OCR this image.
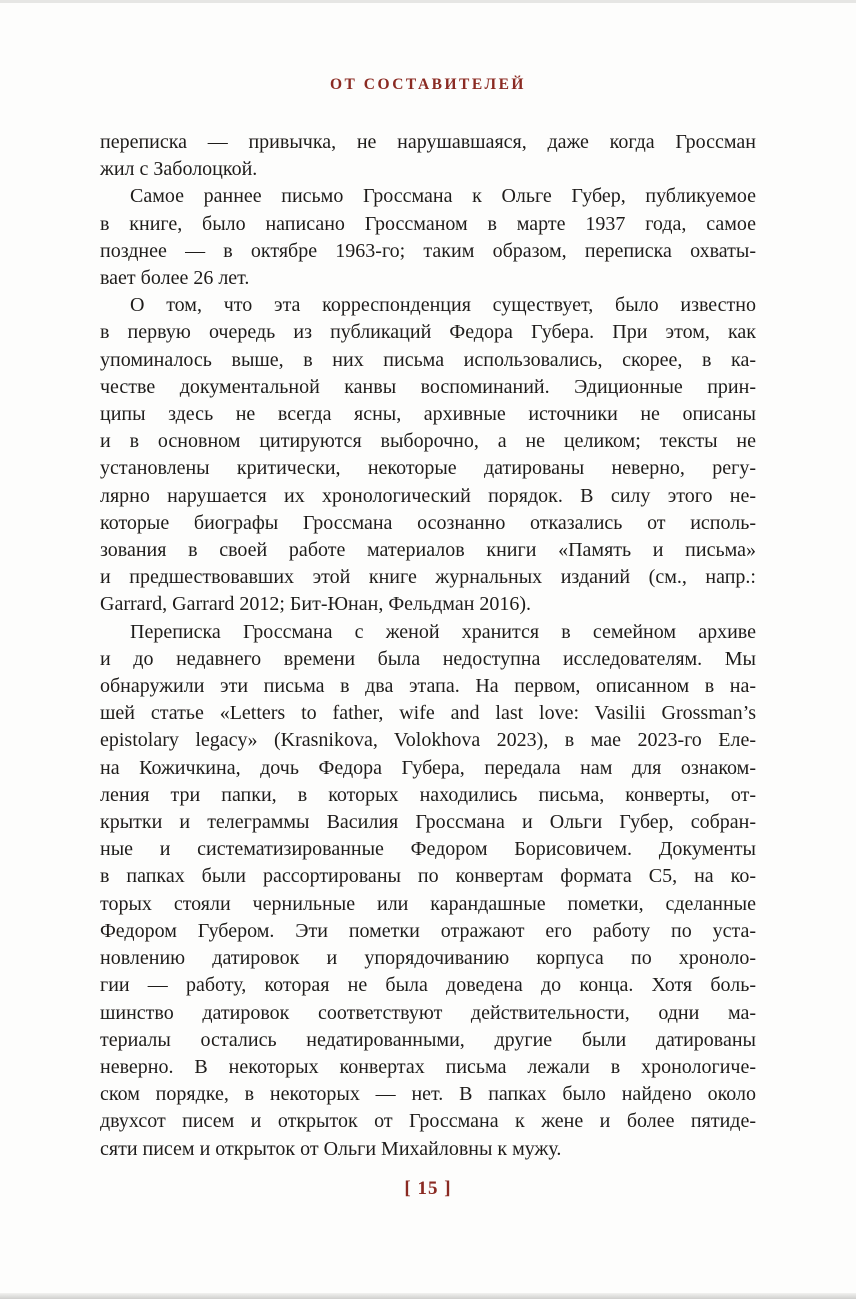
ОТ СОСТАВИТЕЛЕЙ
переписка — привычка, не нарушавшаяся, даже когда Гроссман
жил с Заболоцкой.
Самое раннее письмо Гроссмана к Ольге Губер, публикуемое
в книге, было написано Гроссманом в марте 1937 года, самое
позднее — в октябре 1963-го; таким образом, переписка охваты-
вает более 26 лет.
О том, что эта корреспонденция существует, было известно
в первую очередь из публикаций Федора Губера. При этом, как
упоминалось выше, в них письма использовались, скорее, в ка-
честве документальной канвы воспоминаний. Эдиционные прин-
ципы здесь не всегда ясны, архивные источники не описаны
и в основном цитируются выборочно, а не целиком; тексты не
установлены критически, некоторые датированы неверно, регу-
лярно нарушается их хронологический порядок. В силу этого не-
которые биографы Гроссмана осознанно отказались от исполь-
зования в своей работе материалов книги «Память и письма»
и предшествовавших этой книге журнальных изданий (см., напр.:
Garrard, Garrard 2012; Бит-Юнан, Фельдман 2016).
Переписка Гроссмана с женой хранится в семейном архиве
и до недавнего времени была недоступна исследователям. Мы
обнаружили эти письма в два этапа. На первом, описанном в на-
шей статье «Letters to father, wife and last love: Vasilii Grossman’s
epistolary legacy» (Krasnikova, Volokhova 2023), в мае 2023-го Еле-
на Кожичкина, дочь Федора Губера, передала нам для ознаком-
ления три папки, в которых находились письма, конверты, от-
крытки и телеграммы Василия Гроссмана и Ольги Губер, собран-
ные и систематизированные Федором Борисовичем. Документы
в папках были рассортированы по конвертам формата C5, на ко-
торых стояли чернильные или карандашные пометки, сделанные
Федором Губером. Эти пометки отражают его работу по уста-
новлению датировок и упорядочиванию корпуса по хроноло-
гии — работу, которая не была доведена до конца. Хотя боль-
шинство датировок соответствуют действительности, одни ма-
териалы остались недатированными, другие были датированы
неверно. В некоторых конвертах письма лежали в хронологиче-
ском порядке, в некоторых — нет. В папках было найдено около
двухсот писем и открыток от Гроссмана к жене и более пятиде-
сяти писем и открыток от Ольги Михайловны к мужу.
[ 15 ]
